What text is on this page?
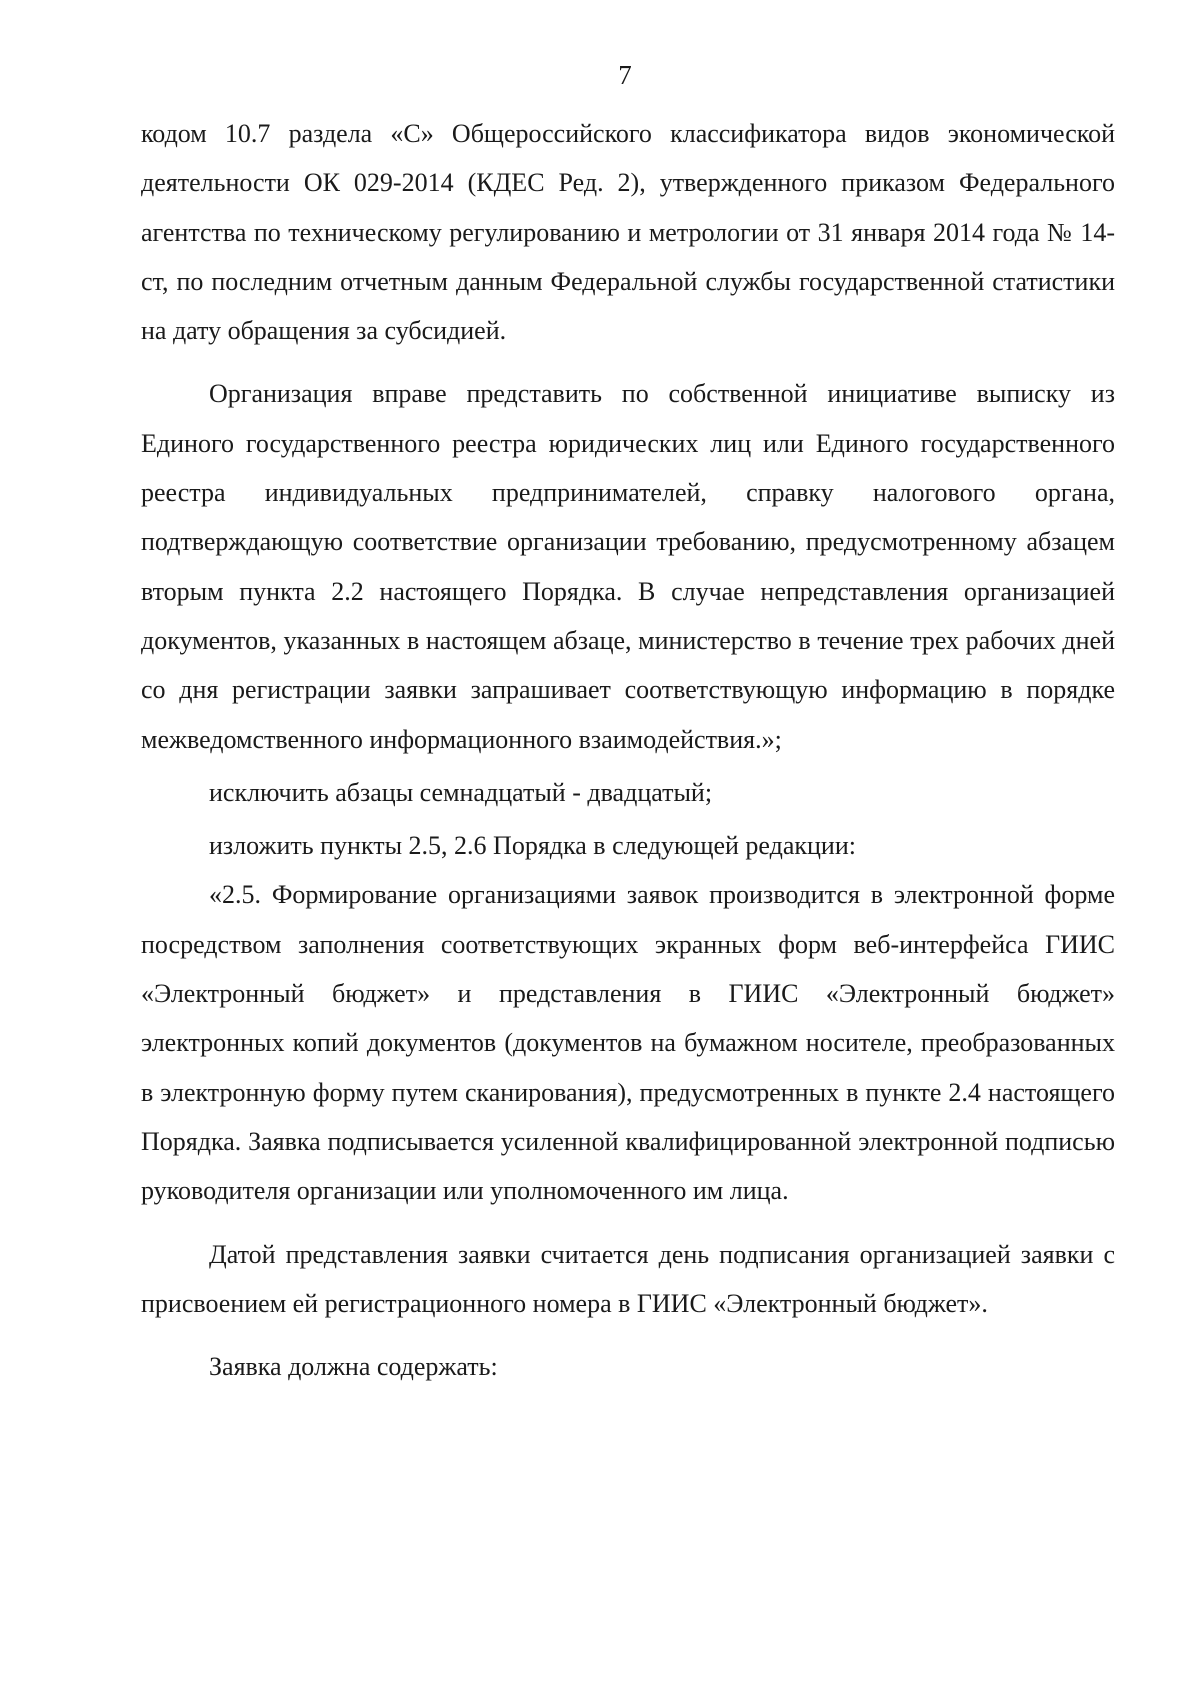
7

кодом 10.7 раздела «С» Общероссийского классификатора видов экономической деятельности ОК 029-2014 (КДЕС Ред. 2), утвержденного приказом Федерального агентства по техническому регулированию и метрологии от 31 января 2014 года № 14-ст, по последним отчетным данным Федеральной службы государственной статистики на дату обращения за субсидией.

Организация вправе представить по собственной инициативе выписку из Единого государственного реестра юридических лиц или Единого государственного реестра индивидуальных предпринимателей, справку налогового органа, подтверждающую соответствие организации требованию, предусмотренному абзацем вторым пункта 2.2 настоящего Порядка. В случае непредставления организацией документов, указанных в настоящем абзаце, министерство в течение трех рабочих дней со дня регистрации заявки запрашивает соответствующую информацию в порядке межведомственного информационного взаимодействия.»;

исключить абзацы семнадцатый - двадцатый;

изложить пункты 2.5, 2.6 Порядка в следующей редакции:

«2.5. Формирование организациями заявок производится в электронной форме посредством заполнения соответствующих экранных форм веб-интерфейса ГИИС «Электронный бюджет» и представления в ГИИС «Электронный бюджет» электронных копий документов (документов на бумажном носителе, преобразованных в электронную форму путем сканирования), предусмотренных в пункте 2.4 настоящего Порядка. Заявка подписывается усиленной квалифицированной электронной подписью руководителя организации или уполномоченного им лица.

Датой представления заявки считается день подписания организацией заявки с присвоением ей регистрационного номера в ГИИС «Электронный бюджет».

Заявка должна содержать:
